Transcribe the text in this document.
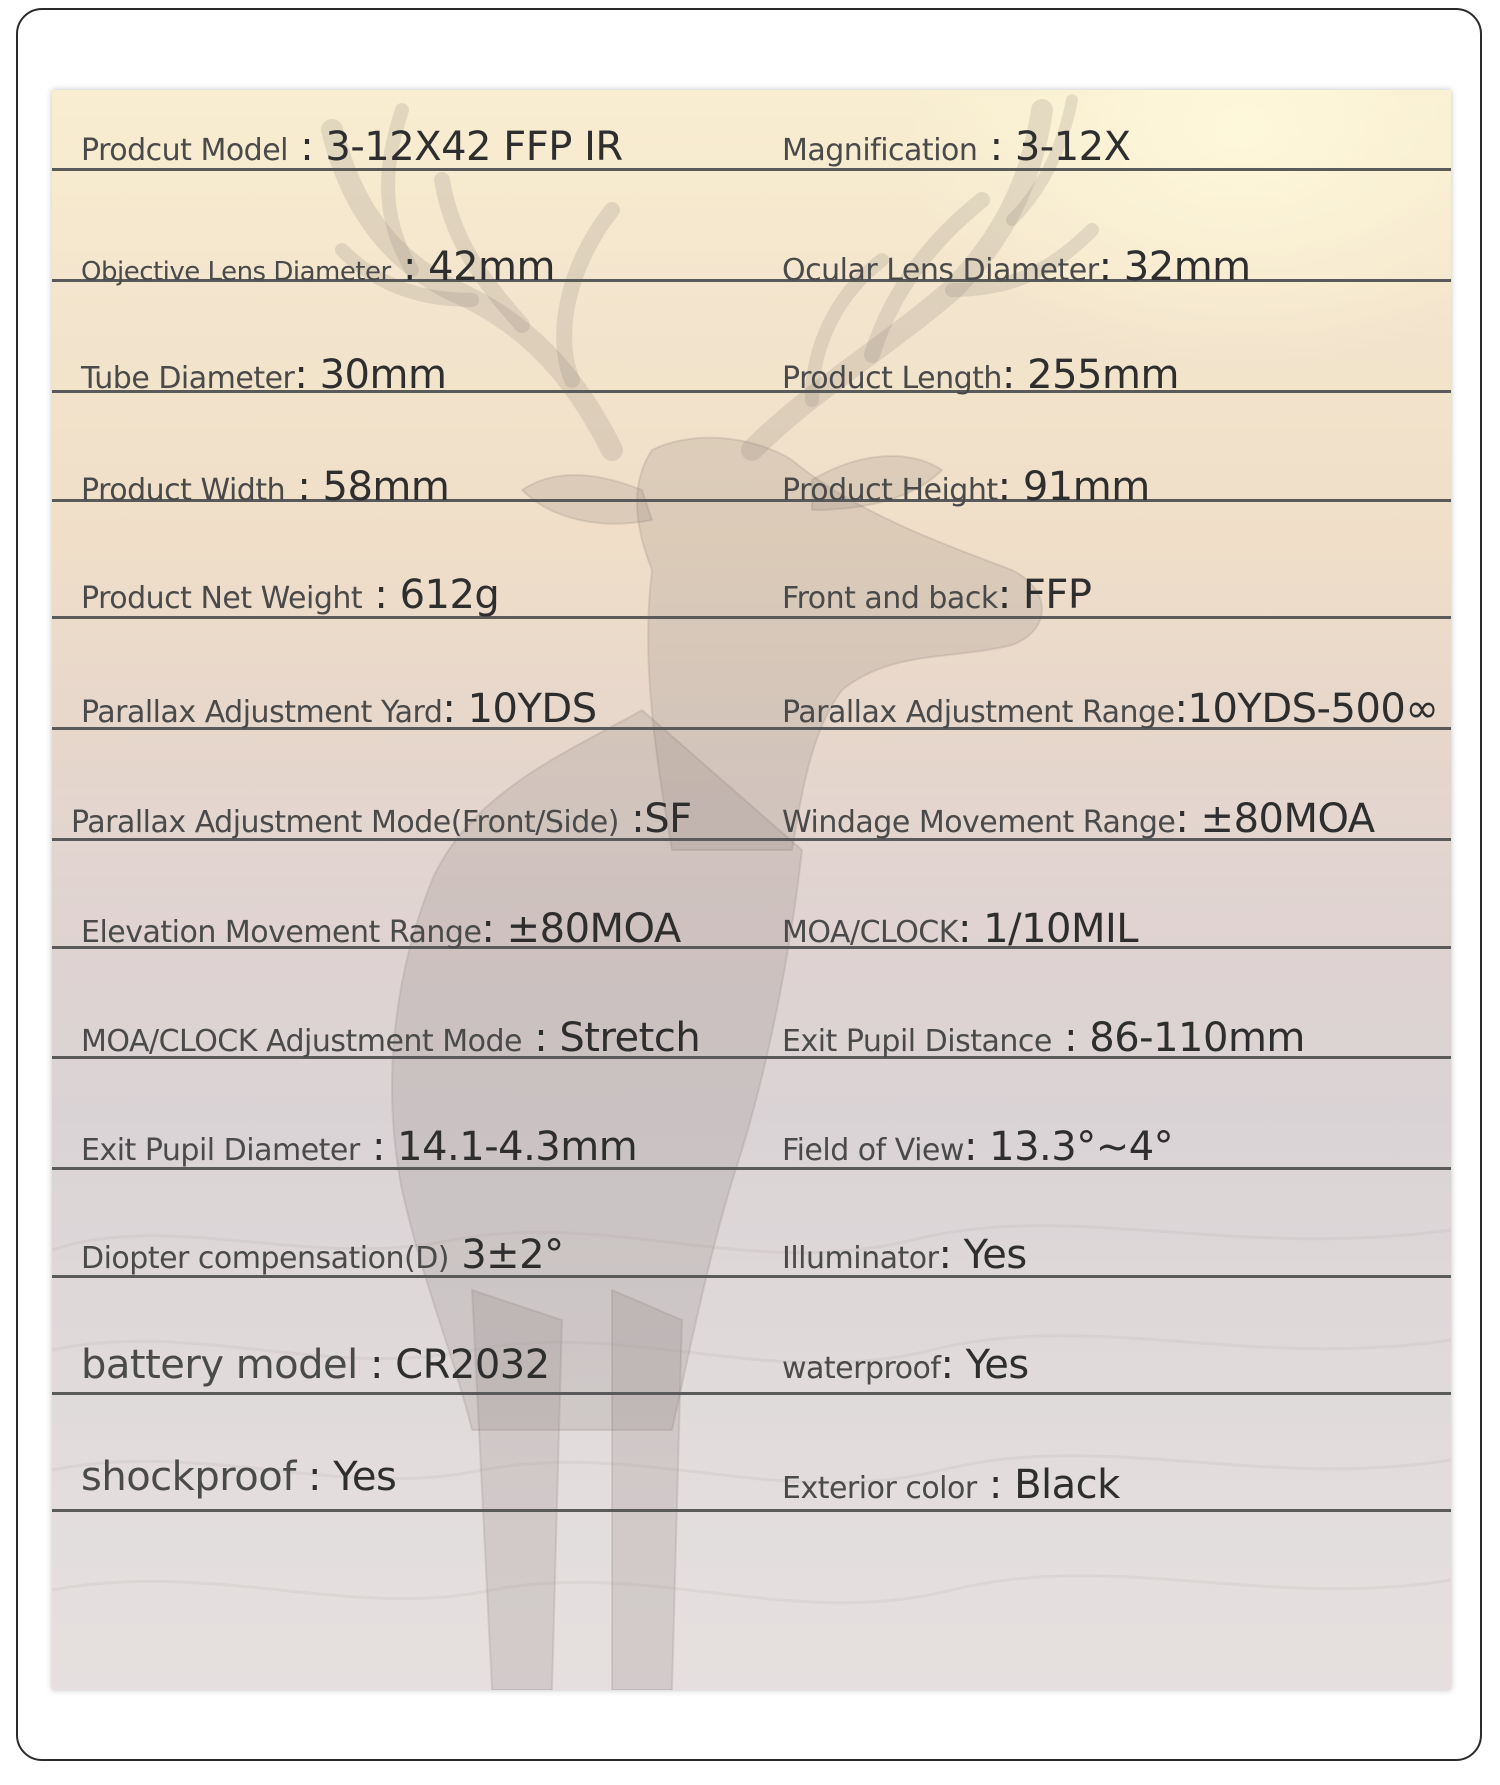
Prodcut Model : 3-12X42 FFP IR	Magnification : 3-12X
Objective Lens Diameter : 42mm	Ocular Lens Diameter: 32mm
Tube Diameter: 30mm	Product Length: 255mm
Product Width : 58mm	Product Height: 91mm
Product Net Weight : 612g	Front and back: FFP
Parallax Adjustment Yard: 10YDS	Parallax Adjustment Range:10YDS-500∞
Parallax Adjustment Mode(Front/Side) :SF	Windage Movement Range: ±80MOA
Elevation Movement Range: ±80MOA	MOA/CLOCK: 1/10MIL
MOA/CLOCK Adjustment Mode : Stretch	Exit Pupil Distance : 86-110mm
Exit Pupil Diameter : 14.1-4.3mm	Field of View: 13.3°~4°
Diopter compensation(D) 3±2°	Illuminator: Yes
battery model : CR2032	waterproof: Yes
shockproof : Yes	Exterior color : Black
